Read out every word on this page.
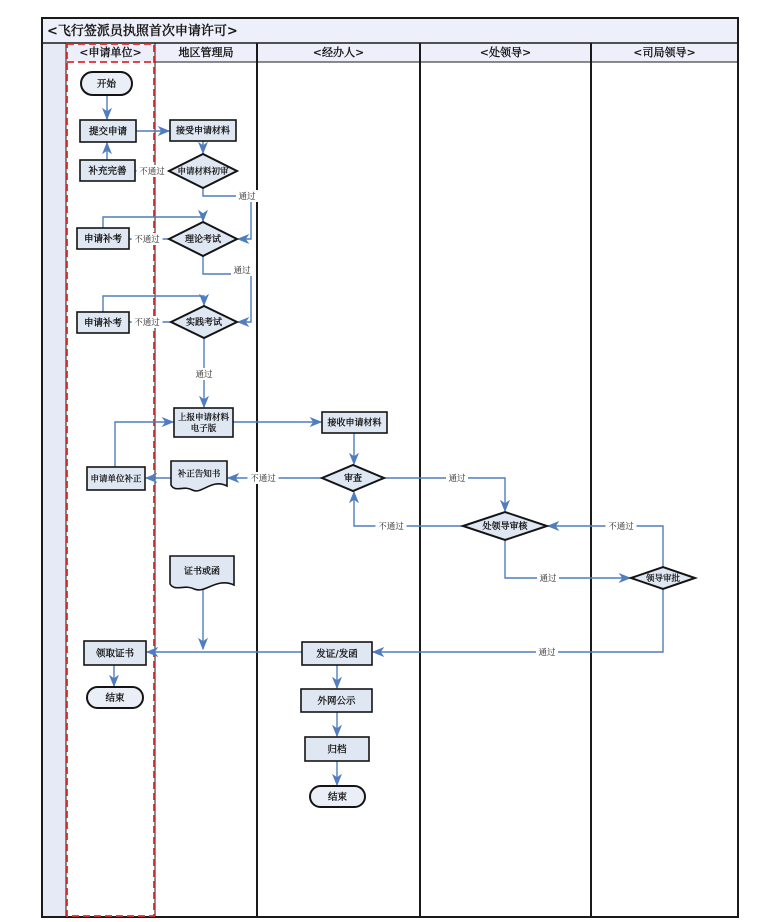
<飞行签派员执照首次申请许可>
<申请单位>	地区管理局	<经办人>	<处领导>	<司局领导>
开始
提交申请	接受申请材料
补充完善	申请材料初审
申请补考	理论考试
申请补考	实践考试
上报申请材料
电子版
接收申请材料
审查
补正告知书
申请单位补正
处领导审核
领导审批
证书或函
领取证书
结束
发证/发函
外网公示
归档
结束
不通过
通过
不通过
通过
不通过
通过
不通过	通过
不通过
通过
不通过
通过
